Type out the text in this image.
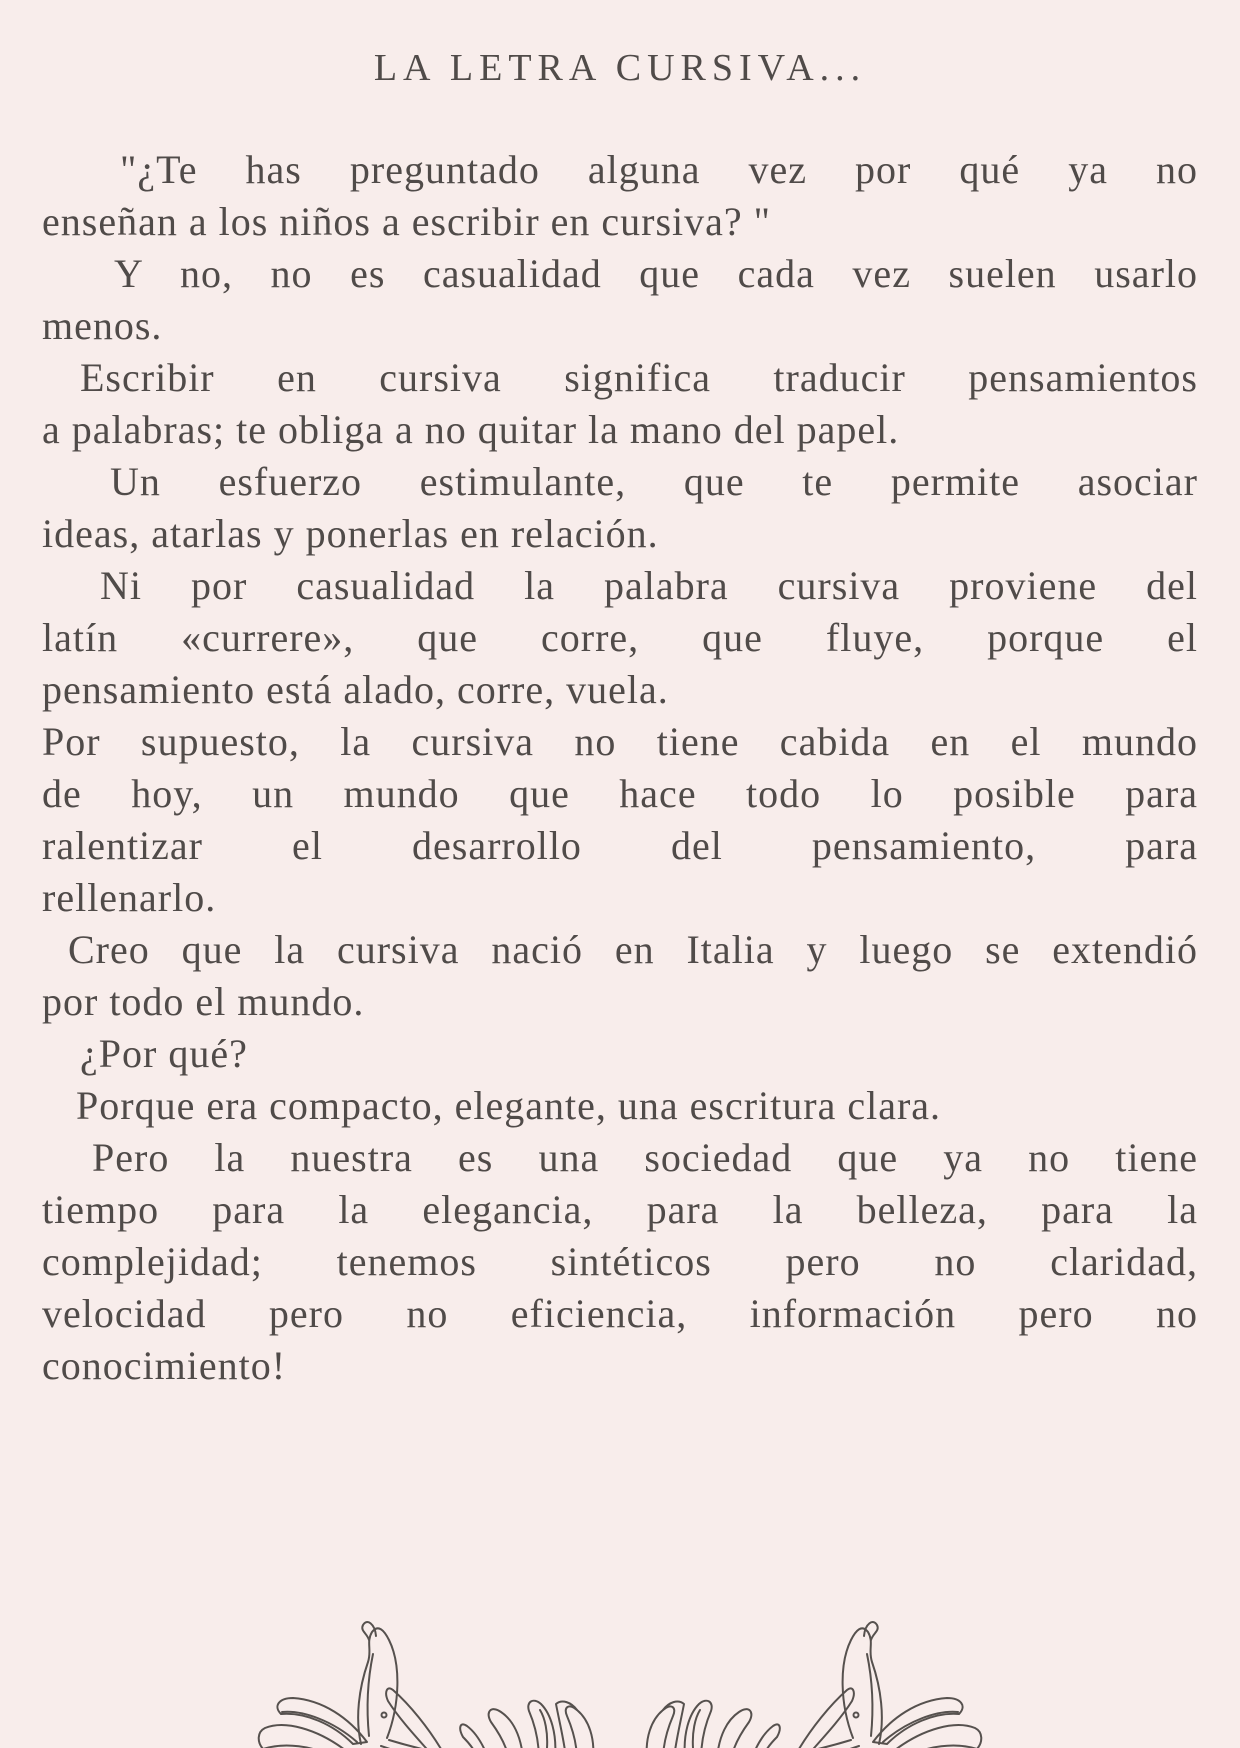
LA LETRA CURSIVA...

"¿Te has preguntado alguna vez por qué ya no
enseñan a los niños a escribir en cursiva? "

Y no, no es casualidad que cada vez suelen usarlo
menos.

Escribir en cursiva significa traducir pensamientos
a palabras; te obliga a no quitar la mano del papel.

Un esfuerzo estimulante, que te permite asociar
ideas, atarlas y ponerlas en relación.

Ni por casualidad la palabra cursiva proviene del
latín «currere», que corre, que fluye, porque el
pensamiento está alado, corre, vuela.

Por supuesto, la cursiva no tiene cabida en el mundo
de hoy, un mundo que hace todo lo posible para
ralentizar el desarrollo del pensamiento, para
rellenarlo.

Creo que la cursiva nació en Italia y luego se extendió
por todo el mundo.

¿Por qué?

Porque era compacto, elegante, una escritura clara.

Pero la nuestra es una sociedad que ya no tiene
tiempo para la elegancia, para la belleza, para la
complejidad; tenemos sintéticos pero no claridad,
velocidad pero no eficiencia, información pero no
conocimiento!
